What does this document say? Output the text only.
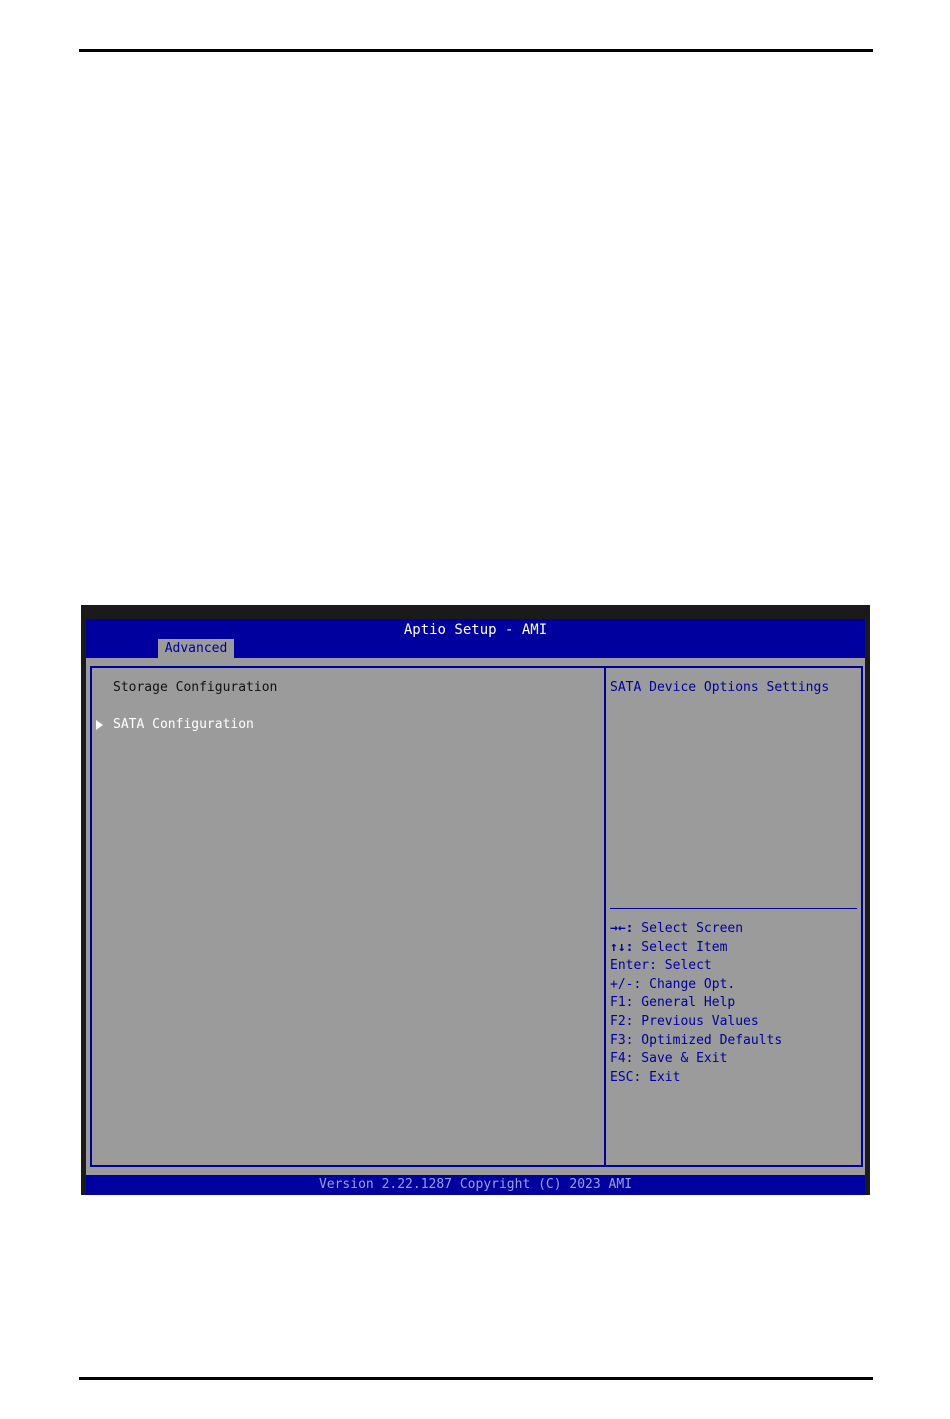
Aptio Setup - AMI
Advanced
Storage Configuration
SATA Configuration
SATA Device Options Settings
→←: Select Screen
↑↓: Select Item
Enter: Select
+/-: Change Opt.
F1: General Help
F2: Previous Values
F3: Optimized Defaults
F4: Save & Exit
ESC: Exit
Version 2.22.1287 Copyright (C) 2023 AMI
